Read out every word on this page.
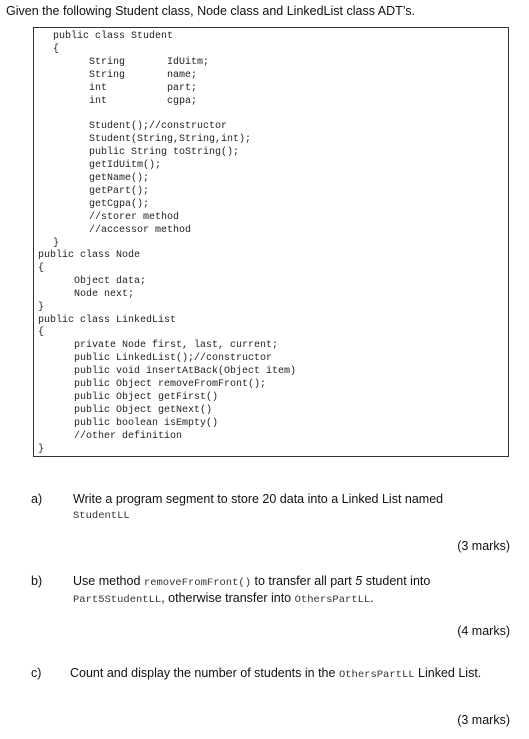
Given the following Student class, Node class and LinkedList class ADT’s.
public class Student
{
String       IdUitm;
String       name;
int          part;
int          cgpa;

Student();//constructor
Student(String,String,int);
public String toString();
getIdUitm();
getName();
getPart();
getCgpa();
//storer method
//accessor method
}
public class Node
{
Object data;
Node next;
}
public class LinkedList
{
private Node first, last, current;
public LinkedList();//constructor
public void insertAtBack(Object item)
public Object removeFromFront();
public Object getFirst()
public Object getNext()
public boolean isEmpty()
//other definition
}
a) Write a program segment to store 20 data into a Linked List named
StudentLL
(3 marks)
b) Use method removeFromFront() to transfer all part 5 student into
Part5StudentLL, otherwise transfer into OthersPartLL.
(4 marks)
c) Count and display the number of students in the OthersPartLL Linked List.
(3 marks)
